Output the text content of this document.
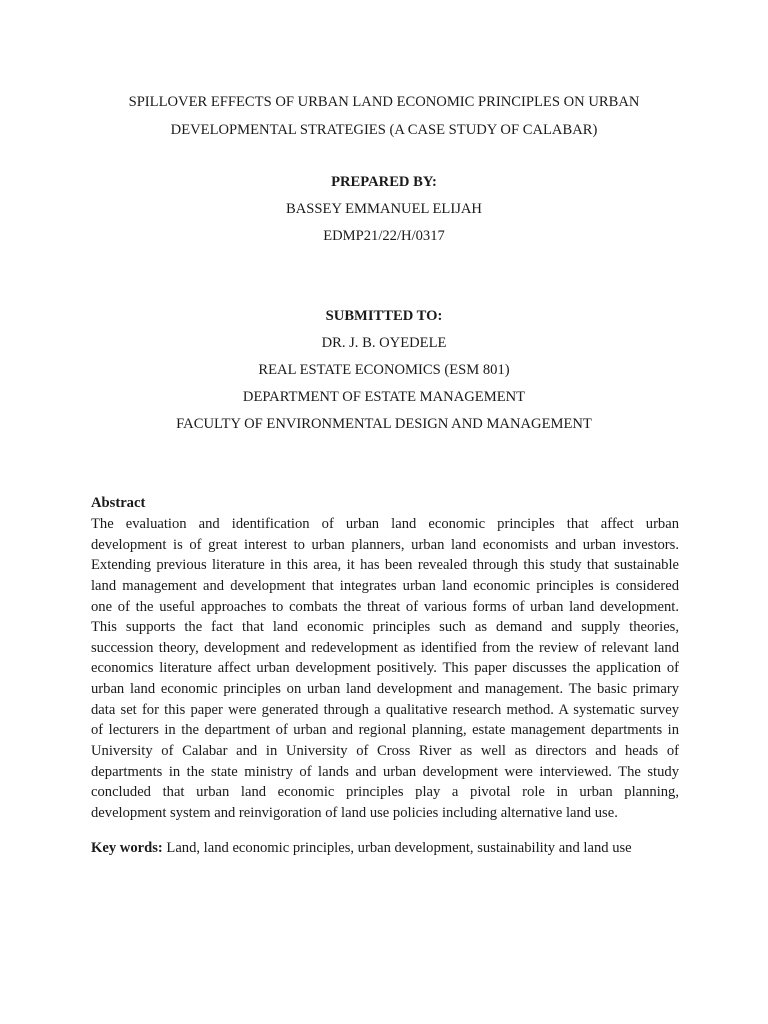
SPILLOVER EFFECTS OF URBAN LAND ECONOMIC PRINCIPLES ON URBAN
DEVELOPMENTAL STRATEGIES (A CASE STUDY OF CALABAR)
PREPARED BY:
BASSEY EMMANUEL ELIJAH
EDMP21/22/H/0317
SUBMITTED TO:
DR. J. B. OYEDELE
REAL ESTATE ECONOMICS (ESM 801)
DEPARTMENT OF ESTATE MANAGEMENT
FACULTY OF ENVIRONMENTAL DESIGN AND MANAGEMENT
Abstract
The evaluation and identification of urban land economic principles that affect urban
development is of great interest to urban planners, urban land economists and urban investors.
Extending previous literature in this area, it has been revealed through this study that sustainable
land management and development that integrates urban land economic principles is considered
one of the useful approaches to combats the threat of various forms of urban land development.
This supports the fact that land economic principles such as demand and supply theories,
succession theory, development and redevelopment as identified from the review of relevant land
economics literature affect urban development positively. This paper discusses the application of
urban land economic principles on urban land development and management. The basic primary
data set for this paper were generated through a qualitative research method. A systematic survey
of lecturers in the department of urban and regional planning, estate management departments in
University of Calabar and in University of Cross River as well as directors and heads of
departments in the state ministry of lands and urban development were interviewed. The study
concluded that urban land economic principles play a pivotal role in urban planning,
development system and reinvigoration of land use policies including alternative land use.
Key words: Land, land economic principles, urban development, sustainability and land use
